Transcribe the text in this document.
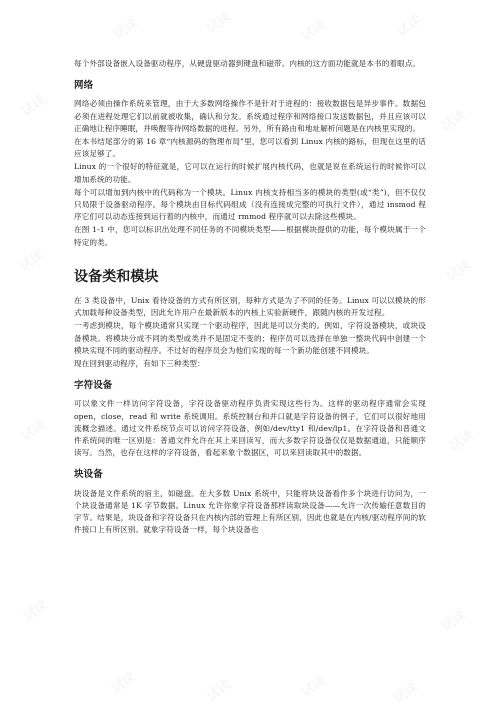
试读	试读	试读	试读
试读
试读
试读	试读
试读	试读
试读	试读
试读	试读	试读	试读

每个外部设备嵌入设备驱动程序，从硬盘驱动器到键盘和磁带。内核的这方面功能就是本书的着眼点。

网络

网络必须由操作系统来管理，由于大多数网络操作不是针对于进程的：接收数据包是异步事件。数据包必须在进程处理它们以前就被收集，确认和分发。系统通过程序和网络接口发送数据包，并且应该可以正确地让程序睡眠，并唤醒等待网络数据的进程。另外，所有路由和地址解析问题是在内核里实现的。

在本书结尾部分的第 16 章“内核源码的物理布局”里，您可以看到 Linux 内核的路标，但现在这里的话应该足够了。

Linux 的一个很好的特征就是，它可以在运行的时候扩展内核代码，也就是说在系统运行的时候你可以增加系统的功能。

每个可以增加到内核中的代码称为一个模块。Linux 内核支持相当多的模块的类型(或“类”)，但不仅仅只局限于设备驱动程序。每个模块由目标代码组成（没有连接成完整的可执行文件），通过 insmod 程序它们可以动态连接到运行着的内核中，而通过 rmmod 程序就可以去除这些模块。

在图 1-1 中，您可以标识出处理不同任务的不同模块类型——根据模块提供的功能，每个模块属于一个特定的类。

设备类和模块

在 3 类设备中，Unix 看待设备的方式有所区别，每种方式是为了不同的任务。Linux 可以以模块的形式加载每种设备类型，因此允许用户在最新版本的内核上实验新硬件，跟随内核的开发过程。

一考虑到模块，每个模块通常只实现一个驱动程序，因此是可以分类的。例如，字符设备模块，或块设备模块。将模块分成不同的类型或类并不是固定不变的；程序员可以选择在单独一整块代码中创建一个模块实现不同的驱动程序。不过好的程序员会为他们实现的每一个新功能创建不同模块。

现在回到驱动程序，有如下三种类型：

字符设备

可以象文件一样访问字符设备，字符设备驱动程序负责实现这些行为。这样的驱动程序通常会实现 open，close，read 和 write 系统调用。系统控制台和并口就是字符设备的例子，它们可以很好地用流概念描述。通过文件系统节点可以访问字符设备，例如/dev/tty1 和/dev/lp1。在字符设备和普通文件系统间的唯一区别是：普通文件允许在其上来回读写，而大多数字符设备仅仅是数据通道，只能顺序读写。当然，也存在这样的字符设备，看起来象个数据区，可以来回读取其中的数据。

块设备

块设备是文件系统的宿主，如磁盘。在大多数 Unix 系统中，只能将块设备看作多个块进行访问为，一个块设备通常是 1K 字节数据。Linux 允许你象字符设备那样读取块设备——允许一次传输任意数目的字节。结果是，块设备和字符设备只在内核内部的管理上有所区别，因此也就是在内核/驱动程序间的软件接口上有所区别。就象字符设备一样，每个块设备也
